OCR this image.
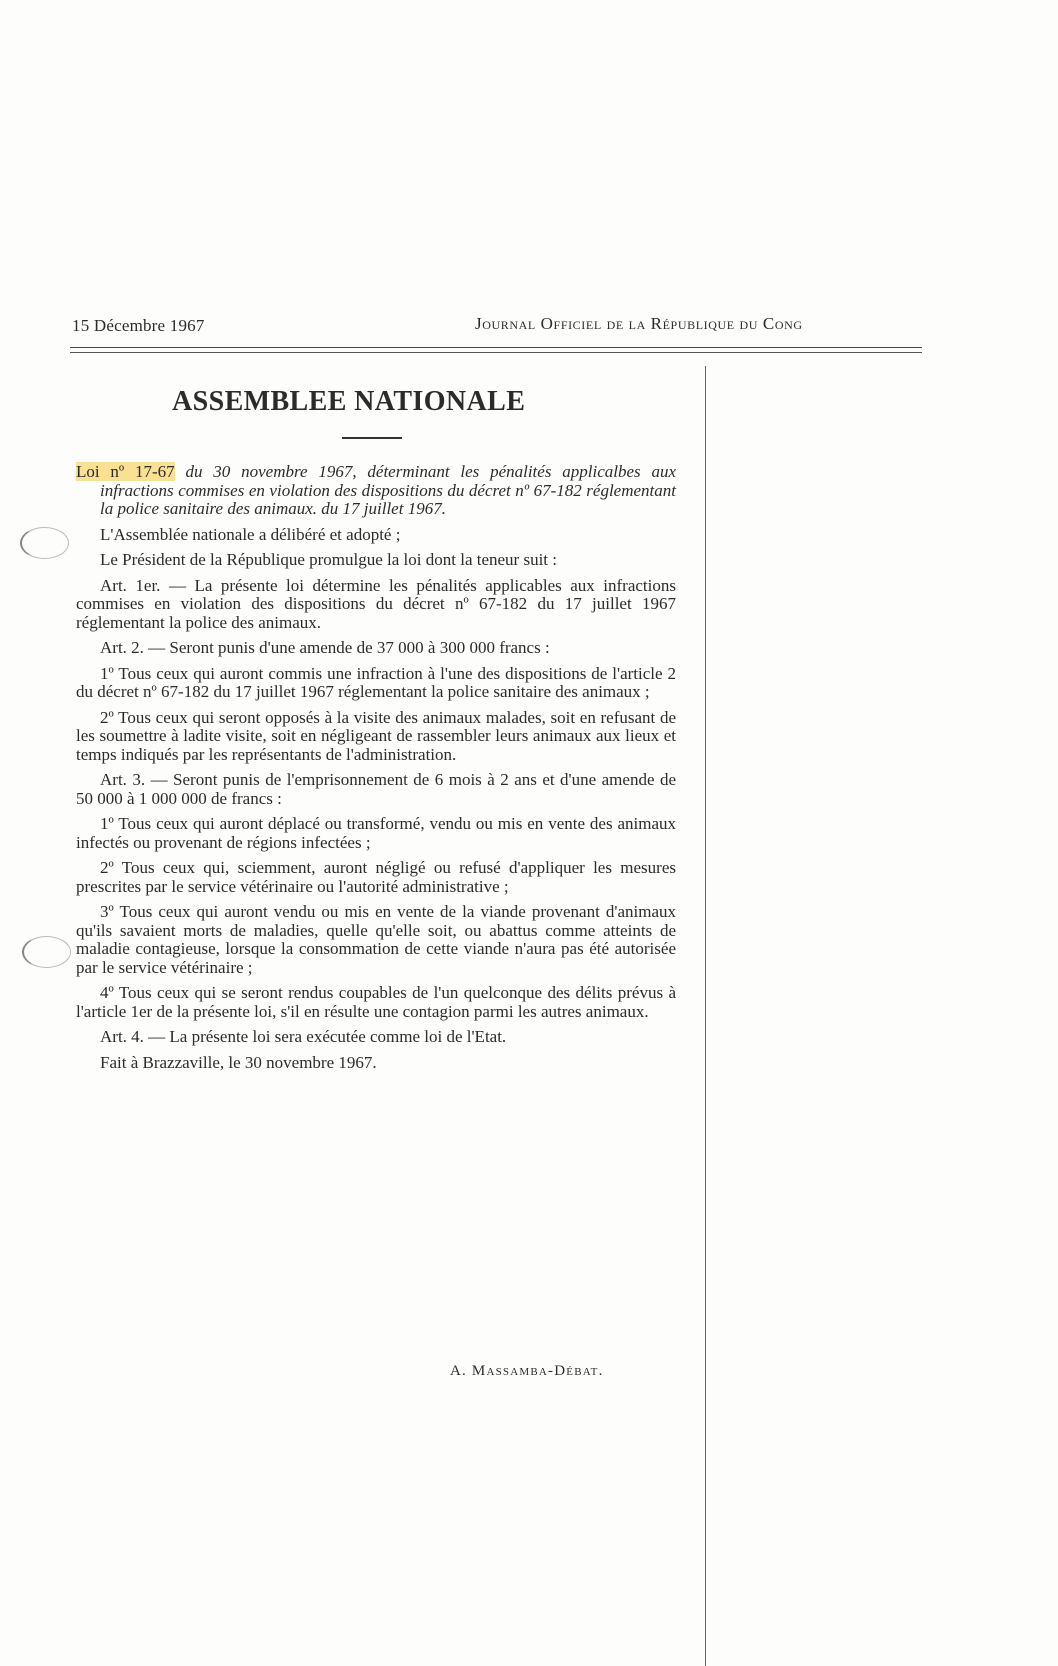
15 Décembre 1967	Journal Officiel de la République du Cong
ASSEMBLEE NATIONALE

Loi nº 17-67 du 30 novembre 1967, déterminant les pénalités applicalbes aux infractions commises en violation des dispositions du décret nº 67-182 réglementant la police sanitaire des animaux. du 17 juillet 1967.

L'Assemblée nationale a délibéré et adopté ;

Le Président de la République promulgue la loi dont la teneur suit :

Art. 1er. — La présente loi détermine les pénalités applicables aux infractions commises en violation des dispositions du décret nº 67-182 du 17 juillet 1967 réglementant la police des animaux.

Art. 2. — Seront punis d'une amende de 37 000 à 300 000 francs :

1º Tous ceux qui auront commis une infraction à l'une des dispositions de l'article 2 du décret nº 67-182 du 17 juillet 1967 réglementant la police sanitaire des animaux ;

2º Tous ceux qui seront opposés à la visite des animaux malades, soit en refusant de les soumettre à ladite visite, soit en négligeant de rassembler leurs animaux aux lieux et temps indiqués par les représentants de l'administration.

Art. 3. — Seront punis de l'emprisonnement de 6 mois à 2 ans et d'une amende de 50 000 à 1 000 000 de francs :

1º Tous ceux qui auront déplacé ou transformé, vendu ou mis en vente des animaux infectés ou provenant de régions infectées ;

2º Tous ceux qui, sciemment, auront négligé ou refusé d'appliquer les mesures prescrites par le service vétérinaire ou l'autorité administrative ;

3º Tous ceux qui auront vendu ou mis en vente de la viande provenant d'animaux qu'ils savaient morts de maladies, quelle qu'elle soit, ou abattus comme atteints de maladie contagieuse, lorsque la consommation de cette viande n'aura pas été autorisée par le service vétérinaire ;

4º Tous ceux qui se seront rendus coupables de l'un quelconque des délits prévus à l'article 1er de la présente loi, s'il en résulte une contagion parmi les autres animaux.

Art. 4. — La présente loi sera exécutée comme loi de l'Etat.

Fait à Brazzaville, le 30 novembre 1967.

A. Massamba-Débat.
